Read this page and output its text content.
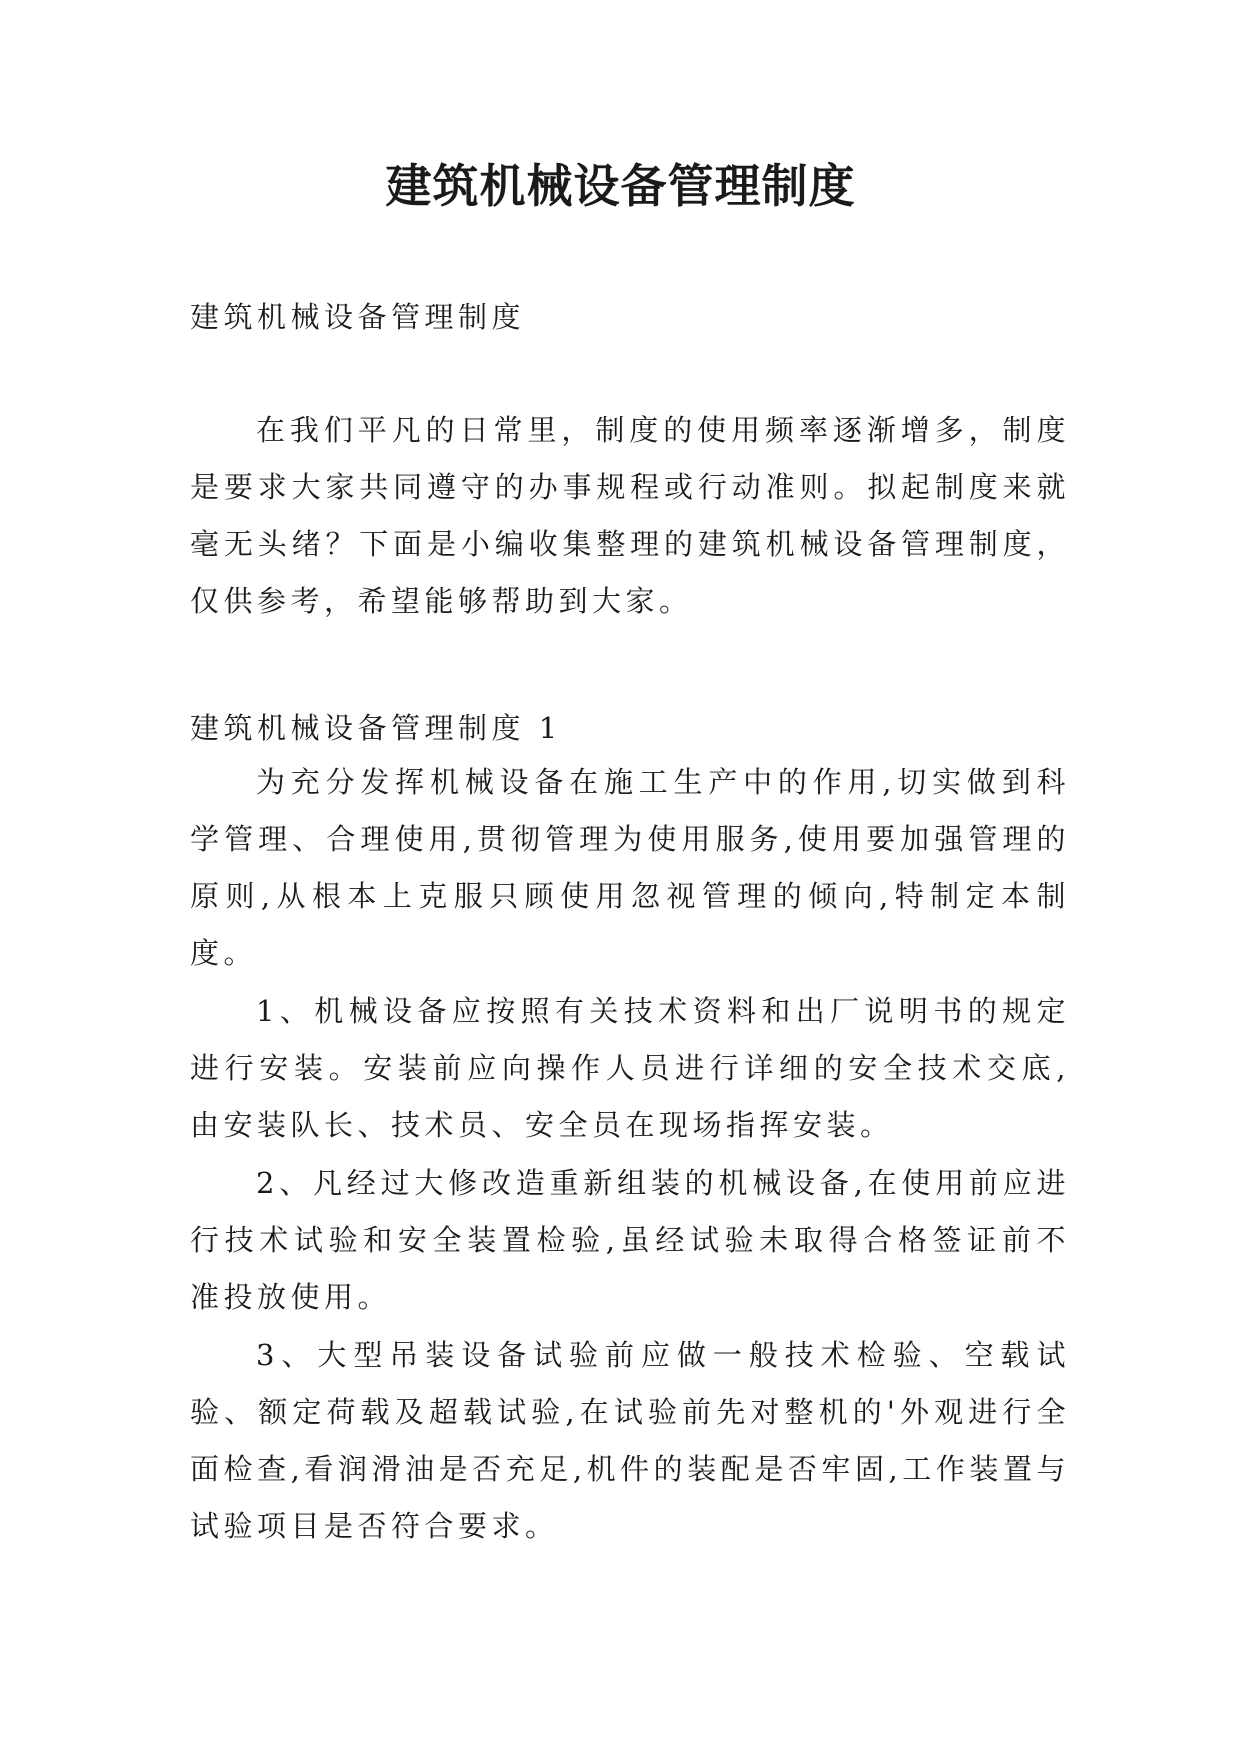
建筑机械设备管理制度

建筑机械设备管理制度

在我们平凡的日常里，制度的使用频率逐渐增多，制度是要求大家共同遵守的办事规程或行动准则。拟起制度来就毫无头绪？下面是小编收集整理的建筑机械设备管理制度，仅供参考，希望能够帮助到大家。

建筑机械设备管理制度 1

为充分发挥机械设备在施工生产中的作用,切实做到科学管理、合理使用,贯彻管理为使用服务,使用要加强管理的原则,从根本上克服只顾使用忽视管理的倾向,特制定本制度。

1、机械设备应按照有关技术资料和出厂说明书的规定进行安装。安装前应向操作人员进行详细的安全技术交底,由安装队长、技术员、安全员在现场指挥安装。

2、凡经过大修改造重新组装的机械设备,在使用前应进行技术试验和安全装置检验,虽经试验未取得合格签证前不准投放使用。

3、大型吊装设备试验前应做一般技术检验、空载试验、额定荷载及超载试验,在试验前先对整机的'外观进行全面检查,看润滑油是否充足,机件的装配是否牢固,工作装置与试验项目是否符合要求。
